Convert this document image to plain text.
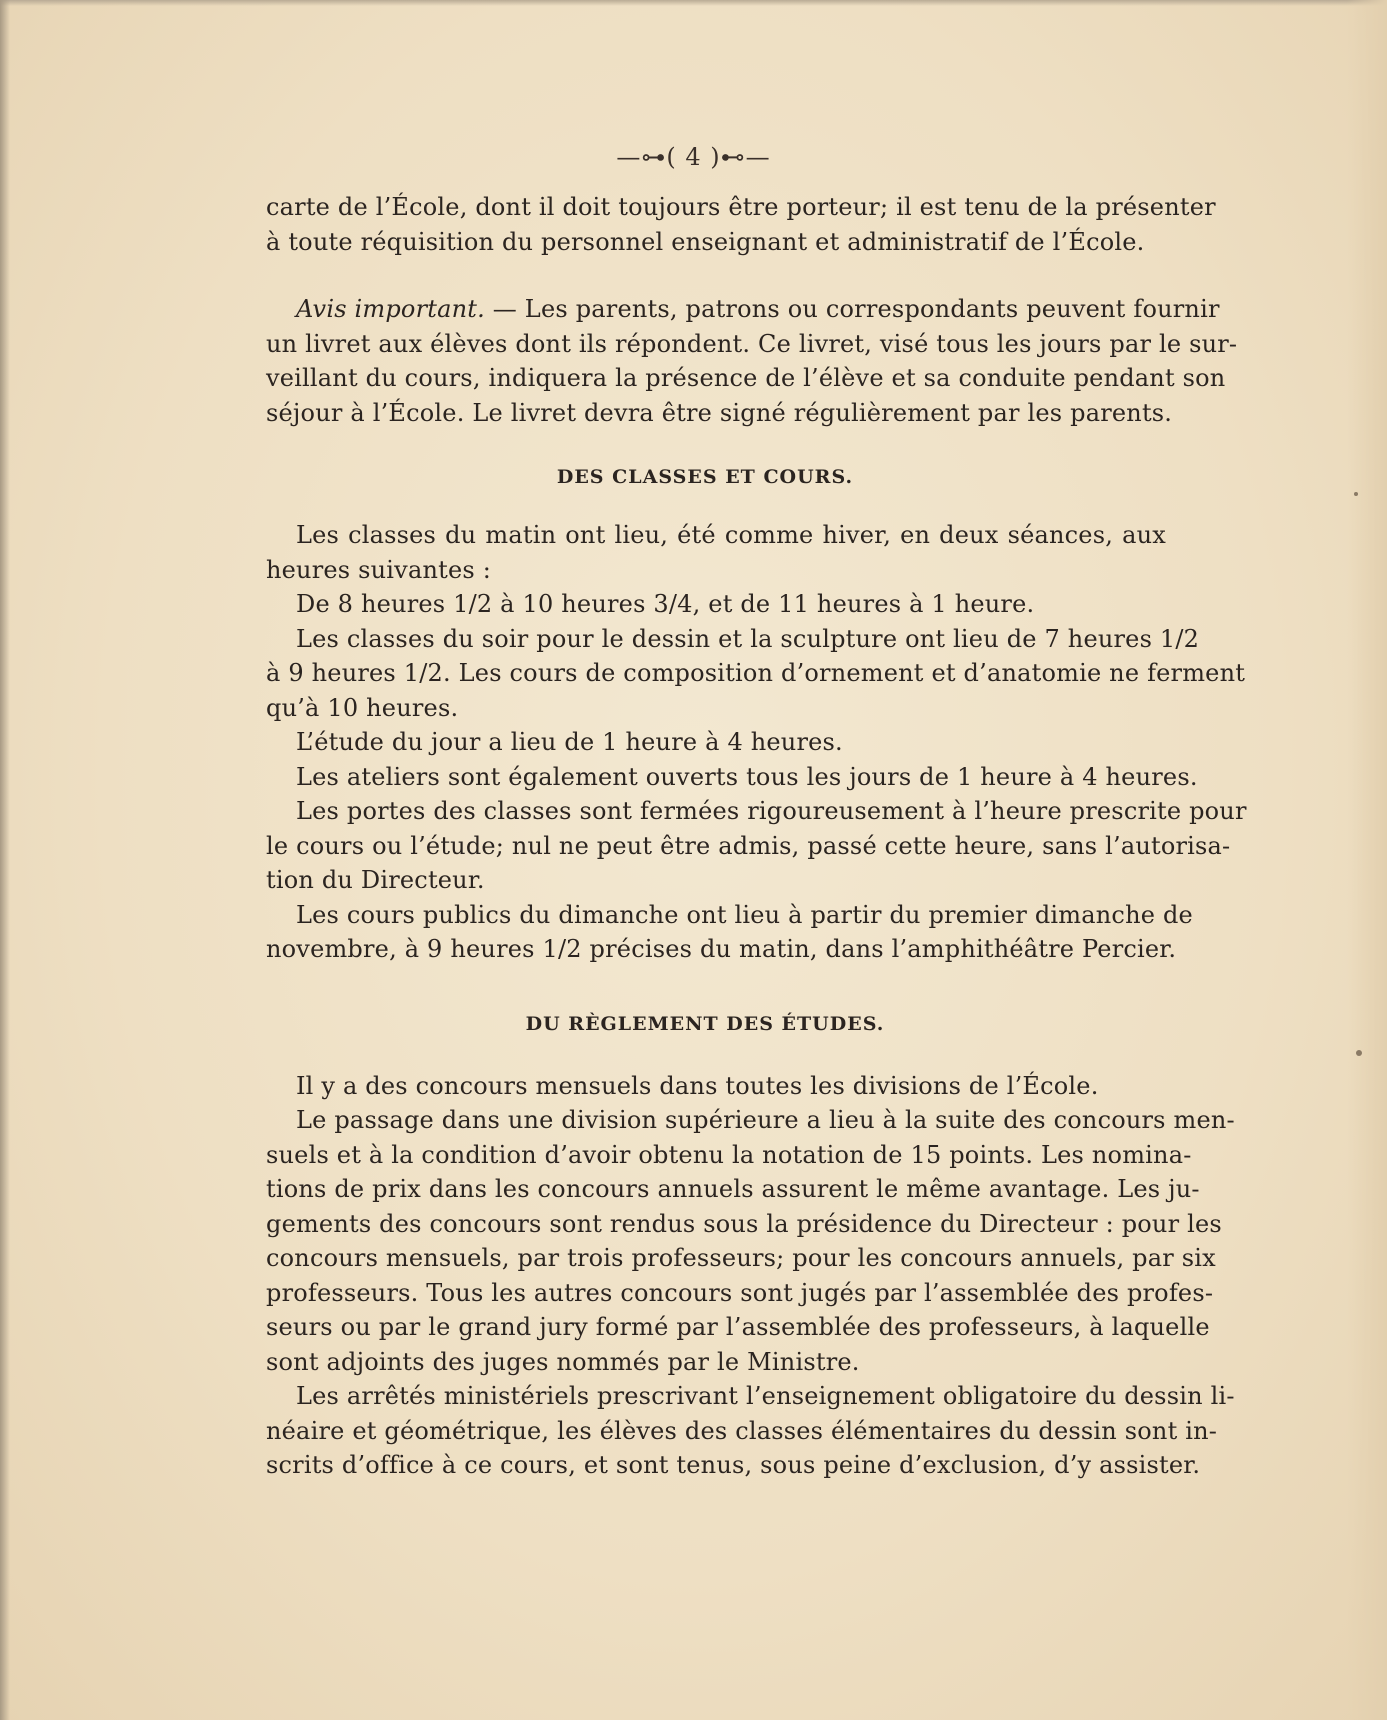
—⊶( 4 )⊷—
carte de l’École, dont il doit toujours être porteur; il est tenu de la présenter
à toute réquisition du personnel enseignant et administratif de l’École.
Avis important. — Les parents, patrons ou correspondants peuvent fournir
un livret aux élèves dont ils répondent. Ce livret, visé tous les jours par le sur-
veillant du cours, indiquera la présence de l’élève et sa conduite pendant son
séjour à l’École. Le livret devra être signé régulièrement par les parents.
DES CLASSES ET COURS.
Les classes du matin ont lieu, été comme hiver, en deux séances, aux
heures suivantes :
De 8 heures 1/2 à 10 heures 3/4, et de 11 heures à 1 heure.
Les classes du soir pour le dessin et la sculpture ont lieu de 7 heures 1/2
à 9 heures 1/2. Les cours de composition d’ornement et d’anatomie ne ferment
qu’à 10 heures.
L’étude du jour a lieu de 1 heure à 4 heures.
Les ateliers sont également ouverts tous les jours de 1 heure à 4 heures.
Les portes des classes sont fermées rigoureusement à l’heure prescrite pour
le cours ou l’étude; nul ne peut être admis, passé cette heure, sans l’autorisa-
tion du Directeur.
Les cours publics du dimanche ont lieu à partir du premier dimanche de
novembre, à 9 heures 1/2 précises du matin, dans l’amphithéâtre Percier.
DU RÈGLEMENT DES ÉTUDES.
Il y a des concours mensuels dans toutes les divisions de l’École.
Le passage dans une division supérieure a lieu à la suite des concours men-
suels et à la condition d’avoir obtenu la notation de 15 points. Les nomina-
tions de prix dans les concours annuels assurent le même avantage. Les ju-
gements des concours sont rendus sous la présidence du Directeur : pour les
concours mensuels, par trois professeurs; pour les concours annuels, par six
professeurs. Tous les autres concours sont jugés par l’assemblée des profes-
seurs ou par le grand jury formé par l’assemblée des professeurs, à laquelle
sont adjoints des juges nommés par le Ministre.
Les arrêtés ministériels prescrivant l’enseignement obligatoire du dessin li-
néaire et géométrique, les élèves des classes élémentaires du dessin sont in-
scrits d’office à ce cours, et sont tenus, sous peine d’exclusion, d’y assister.
